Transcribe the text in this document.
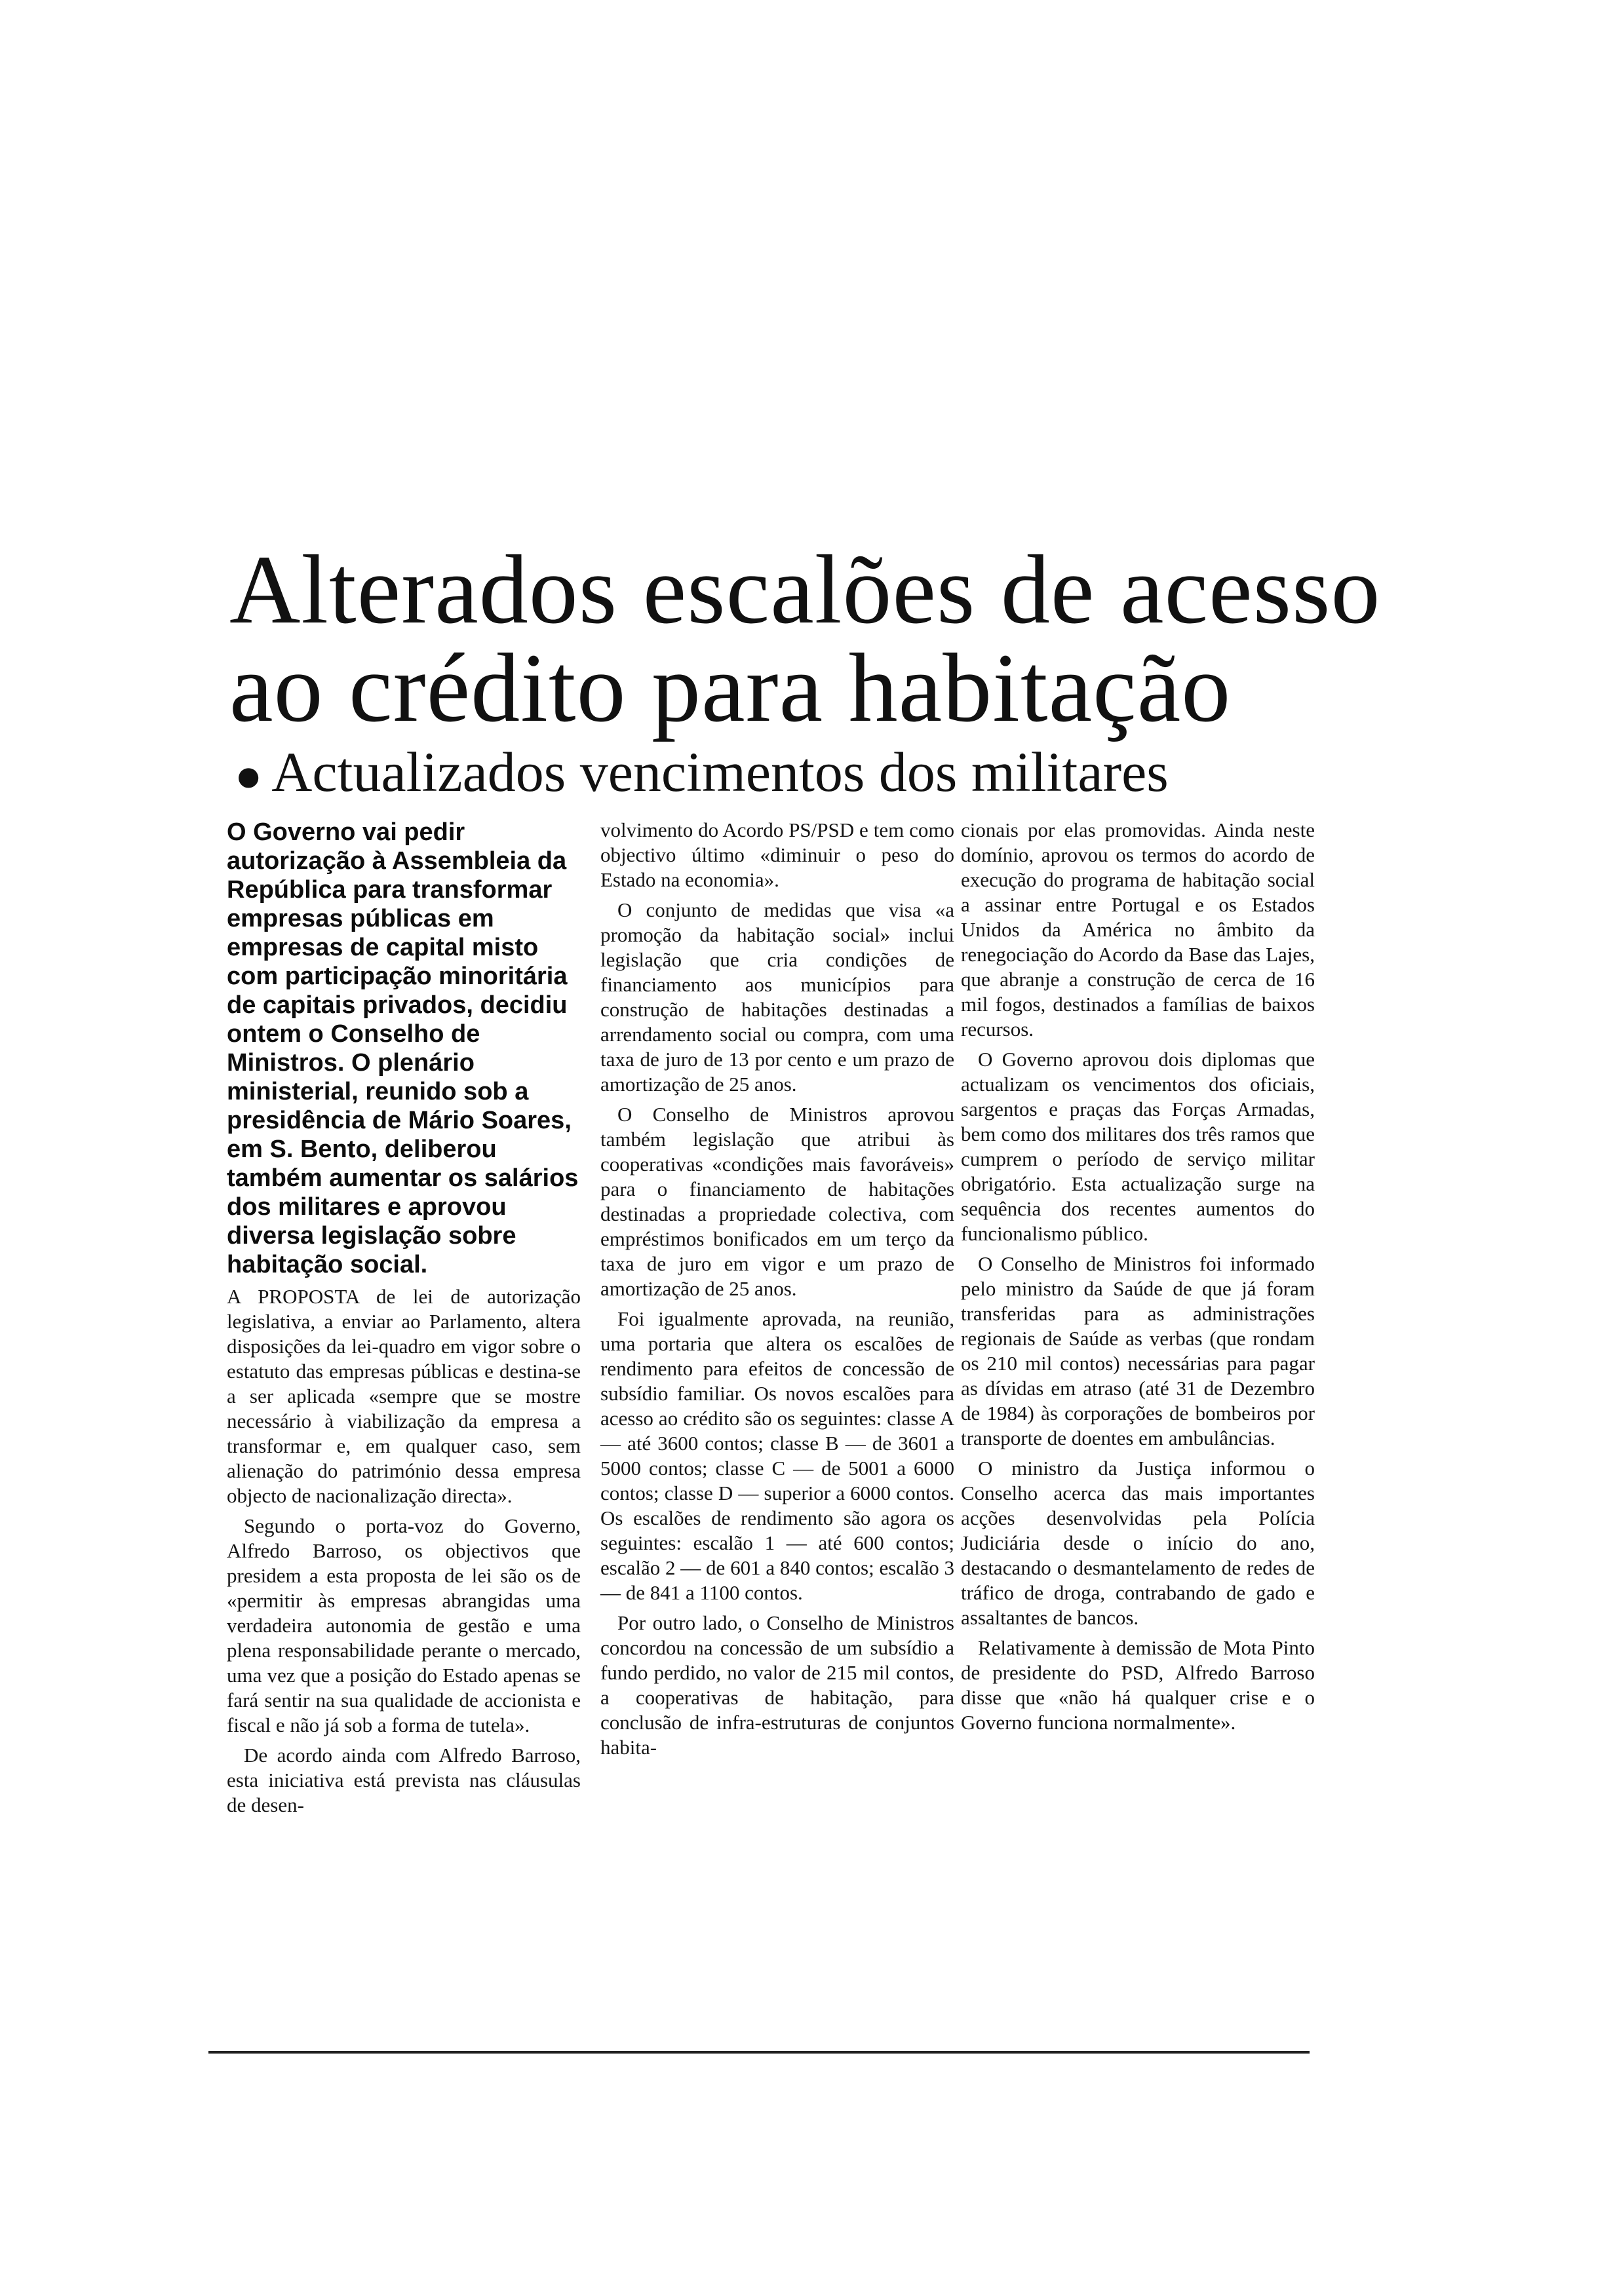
Alterados escalões de acesso
ao crédito para habitação
● Actualizados vencimentos dos militares

O Governo vai pedir autorização à Assembleia da República para transformar empresas públicas em empresas de capital misto com participação minoritária de capitais privados, decidiu ontem o Conselho de Ministros. O plenário ministerial, reunido sob a presidência de Mário Soares, em S. Bento, deliberou também aumentar os salários dos militares e aprovou diversa legislação sobre habitação social.

A PROPOSTA de lei de autorização legislativa, a enviar ao Parlamento, altera disposições da lei-quadro em vigor sobre o estatuto das empresas públicas e destina-se a ser aplicada «sempre que se mostre necessário à viabilização da empresa a transformar e, em qualquer caso, sem alienação do património dessa empresa objecto de nacionalização directa».

Segundo o porta-voz do Governo, Alfredo Barroso, os objectivos que presidem a esta proposta de lei são os de «permitir às empresas abrangidas uma verdadeira autonomia de gestão e uma plena responsabilidade perante o mercado, uma vez que a posição do Estado apenas se fará sentir na sua qualidade de accionista e fiscal e não já sob a forma de tutela».

De acordo ainda com Alfredo Barroso, esta iniciativa está prevista nas cláusulas de desen-

volvimento do Acordo PS/PSD e tem como objectivo último «diminuir o peso do Estado na economia».

O conjunto de medidas que visa «a promoção da habitação social» inclui legislação que cria condições de financiamento aos municípios para construção de habitações destinadas a arrendamento social ou compra, com uma taxa de juro de 13 por cento e um prazo de amortização de 25 anos.

O Conselho de Ministros aprovou também legislação que atribui às cooperativas «condições mais favoráveis» para o financiamento de habitações destinadas a propriedade colectiva, com empréstimos bonificados em um terço da taxa de juro em vigor e um prazo de amortização de 25 anos.

Foi igualmente aprovada, na reunião, uma portaria que altera os escalões de rendimento para efeitos de concessão de subsídio familiar. Os novos escalões para acesso ao crédito são os seguintes: classe A — até 3600 contos; classe B — de 3601 a 5000 contos; classe C — de 5001 a 6000 contos; classe D — superior a 6000 contos. Os escalões de rendimento são agora os seguintes: escalão 1 — até 600 contos; escalão 2 — de 601 a 840 contos; escalão 3 — de 841 a 1100 contos.

Por outro lado, o Conselho de Ministros concordou na concessão de um subsídio a fundo perdido, no valor de 215 mil contos, a cooperativas de habitação, para conclusão de infra-estruturas de conjuntos habita-

cionais por elas promovidas. Ainda neste domínio, aprovou os termos do acordo de execução do programa de habitação social a assinar entre Portugal e os Estados Unidos da América no âmbito da renegociação do Acordo da Base das Lajes, que abranje a construção de cerca de 16 mil fogos, destinados a famílias de baixos recursos.

O Governo aprovou dois diplomas que actualizam os vencimentos dos oficiais, sargentos e praças das Forças Armadas, bem como dos militares dos três ramos que cumprem o período de serviço militar obrigatório. Esta actualização surge na sequência dos recentes aumentos do funcionalismo público.

O Conselho de Ministros foi informado pelo ministro da Saúde de que já foram transferidas para as administrações regionais de Saúde as verbas (que rondam os 210 mil contos) necessárias para pagar as dívidas em atraso (até 31 de Dezembro de 1984) às corporações de bombeiros por transporte de doentes em ambulâncias.

O ministro da Justiça informou o Conselho acerca das mais importantes acções desenvolvidas pela Polícia Judiciária desde o início do ano, destacando o desmantelamento de redes de tráfico de droga, contrabando de gado e assaltantes de bancos.

Relativamente à demissão de Mota Pinto de presidente do PSD, Alfredo Barroso disse que «não há qualquer crise e o Governo funciona normalmente».
